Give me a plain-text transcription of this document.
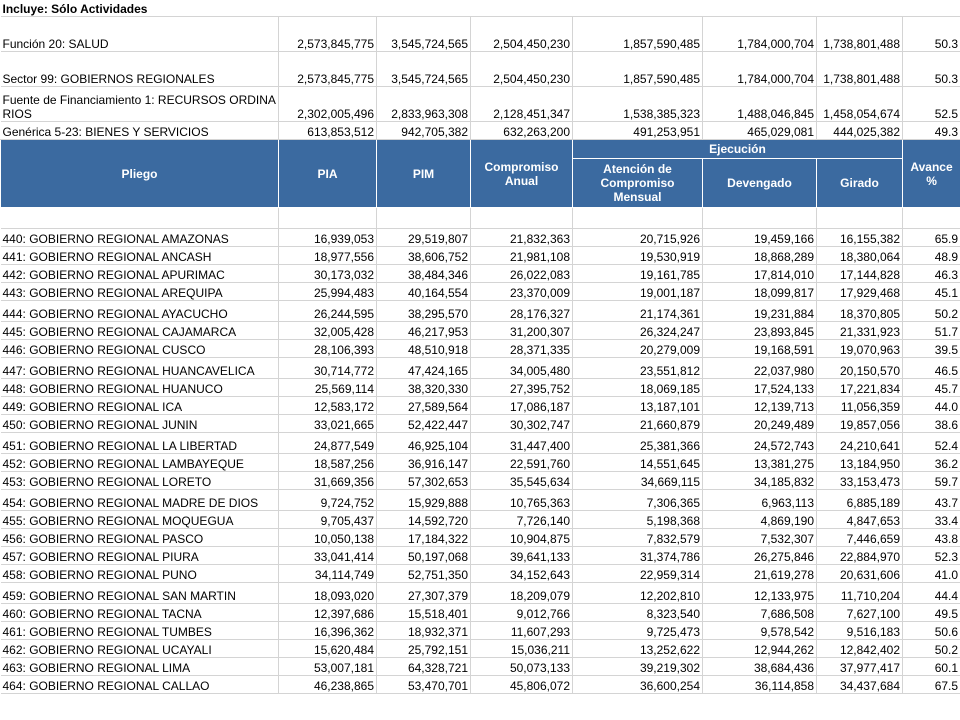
Incluye: Sólo Actividades							
Función 20: SALUD	2,573,845,775	3,545,724,565	2,504,450,230	1,857,590,485	1,784,000,704	1,738,801,488	50.3
Sector 99: GOBIERNOS REGIONALES	2,573,845,775	3,545,724,565	2,504,450,230	1,857,590,485	1,784,000,704	1,738,801,488	50.3
Fuente de Financiamiento 1: RECURSOS ORDINARIOS	2,302,005,496	2,833,963,308	2,128,451,347	1,538,385,323	1,488,046,845	1,458,054,674	52.5
Genérica 5-23: BIENES Y SERVICIOS	613,853,512	942,705,382	632,263,200	491,253,951	465,029,081	444,025,382	49.3
Pliego	PIA	PIM	Compromiso Anual	Ejecución			Avance %
				Atención de Compromiso Mensual	Devengado	Girado	

440: GOBIERNO REGIONAL AMAZONAS	16,939,053	29,519,807	21,832,363	20,715,926	19,459,166	16,155,382	65.9
441: GOBIERNO REGIONAL ANCASH	18,977,556	38,606,752	21,981,108	19,530,919	18,868,289	18,380,064	48.9
442: GOBIERNO REGIONAL APURIMAC	30,173,032	38,484,346	26,022,083	19,161,785	17,814,010	17,144,828	46.3
443: GOBIERNO REGIONAL AREQUIPA	25,994,483	40,164,554	23,370,009	19,001,187	18,099,817	17,929,468	45.1
444: GOBIERNO REGIONAL AYACUCHO	26,244,595	38,295,570	28,176,327	21,174,361	19,231,884	18,370,805	50.2
445: GOBIERNO REGIONAL CAJAMARCA	32,005,428	46,217,953	31,200,307	26,324,247	23,893,845	21,331,923	51.7
446: GOBIERNO REGIONAL CUSCO	28,106,393	48,510,918	28,371,335	20,279,009	19,168,591	19,070,963	39.5
447: GOBIERNO REGIONAL HUANCAVELICA	30,714,772	47,424,165	34,005,480	23,551,812	22,037,980	20,150,570	46.5
448: GOBIERNO REGIONAL HUANUCO	25,569,114	38,320,330	27,395,752	18,069,185	17,524,133	17,221,834	45.7
449: GOBIERNO REGIONAL ICA	12,583,172	27,589,564	17,086,187	13,187,101	12,139,713	11,056,359	44.0
450: GOBIERNO REGIONAL JUNIN	33,021,665	52,422,447	30,302,747	21,660,879	20,249,489	19,857,056	38.6
451: GOBIERNO REGIONAL LA LIBERTAD	24,877,549	46,925,104	31,447,400	25,381,366	24,572,743	24,210,641	52.4
452: GOBIERNO REGIONAL LAMBAYEQUE	18,587,256	36,916,147	22,591,760	14,551,645	13,381,275	13,184,950	36.2
453: GOBIERNO REGIONAL LORETO	31,669,356	57,302,653	35,545,634	34,669,115	34,185,832	33,153,473	59.7
454: GOBIERNO REGIONAL MADRE DE DIOS	9,724,752	15,929,888	10,765,363	7,306,365	6,963,113	6,885,189	43.7
455: GOBIERNO REGIONAL MOQUEGUA	9,705,437	14,592,720	7,726,140	5,198,368	4,869,190	4,847,653	33.4
456: GOBIERNO REGIONAL PASCO	10,050,138	17,184,322	10,904,875	7,832,579	7,532,307	7,446,659	43.8
457: GOBIERNO REGIONAL PIURA	33,041,414	50,197,068	39,641,133	31,374,786	26,275,846	22,884,970	52.3
458: GOBIERNO REGIONAL PUNO	34,114,749	52,751,350	34,152,643	22,959,314	21,619,278	20,631,606	41.0
459: GOBIERNO REGIONAL SAN MARTIN	18,093,020	27,307,379	18,209,079	12,202,810	12,133,975	11,710,204	44.4
460: GOBIERNO REGIONAL TACNA	12,397,686	15,518,401	9,012,766	8,323,540	7,686,508	7,627,100	49.5
461: GOBIERNO REGIONAL TUMBES	16,396,362	18,932,371	11,607,293	9,725,473	9,578,542	9,516,183	50.6
462: GOBIERNO REGIONAL UCAYALI	15,620,484	25,792,151	15,036,211	13,252,622	12,944,262	12,842,402	50.2
463: GOBIERNO REGIONAL LIMA	53,007,181	64,328,721	50,073,133	39,219,302	38,684,436	37,977,417	60.1
464: GOBIERNO REGIONAL CALLAO	46,238,865	53,470,701	45,806,072	36,600,254	36,114,858	34,437,684	67.5
